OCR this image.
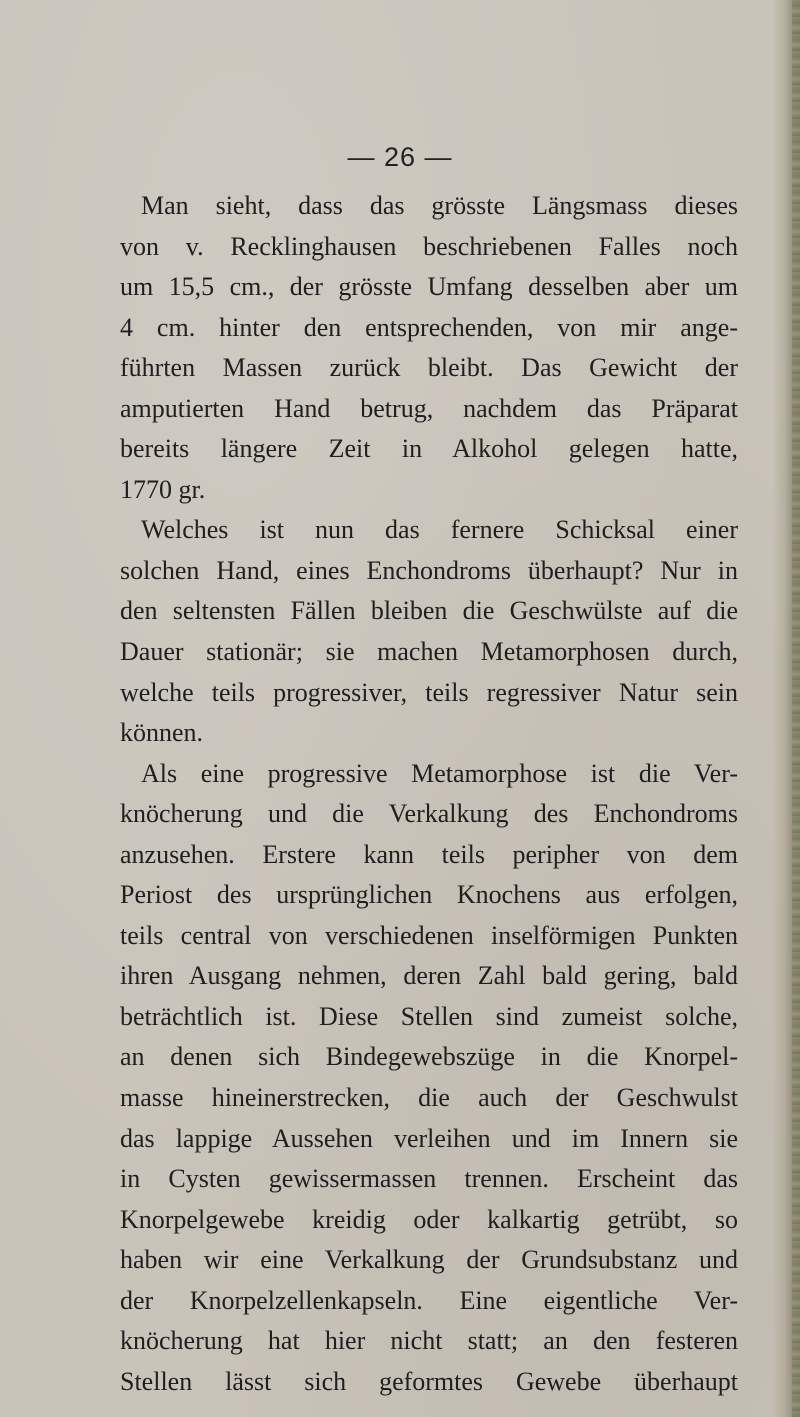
— 26 —
Man sieht, dass das grösste Längsmass dieses
von v. Recklinghausen beschriebenen Falles noch
um 15,5 cm., der grösste Umfang desselben aber um
4 cm. hinter den entsprechenden, von mir ange-
führten Massen zurück bleibt. Das Gewicht der
amputierten Hand betrug, nachdem das Präparat
bereits längere Zeit in Alkohol gelegen hatte,
1770 gr.
Welches ist nun das fernere Schicksal einer
solchen Hand, eines Enchondroms überhaupt? Nur in
den seltensten Fällen bleiben die Geschwülste auf die
Dauer stationär; sie machen Metamorphosen durch,
welche teils progressiver, teils regressiver Natur sein
können.
Als eine progressive Metamorphose ist die Ver-
knöcherung und die Verkalkung des Enchondroms
anzusehen. Erstere kann teils peripher von dem
Periost des ursprünglichen Knochens aus erfolgen,
teils central von verschiedenen inselförmigen Punkten
ihren Ausgang nehmen, deren Zahl bald gering, bald
beträchtlich ist. Diese Stellen sind zumeist solche,
an denen sich Bindegewebszüge in die Knorpel-
masse hineinerstrecken, die auch der Geschwulst
das lappige Aussehen verleihen und im Innern sie
in Cysten gewissermassen trennen. Erscheint das
Knorpelgewebe kreidig oder kalkartig getrübt, so
haben wir eine Verkalkung der Grundsubstanz und
der Knorpelzellenkapseln. Eine eigentliche Ver-
knöcherung hat hier nicht statt; an den festeren
Stellen lässt sich geformtes Gewebe überhaupt
